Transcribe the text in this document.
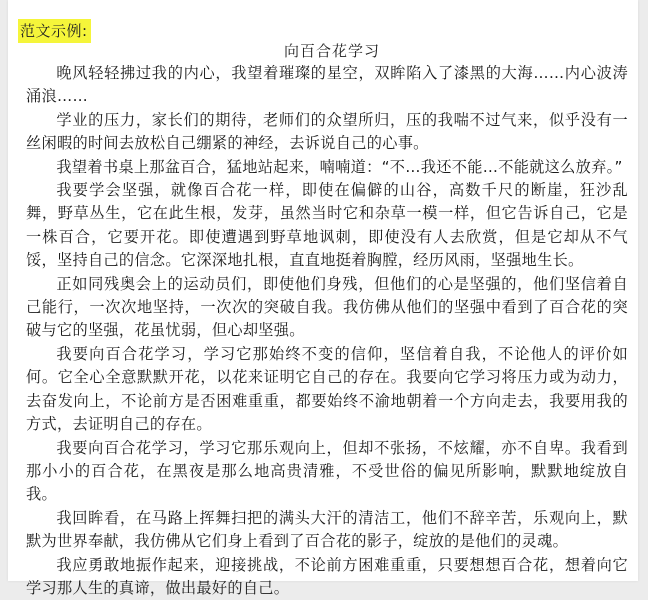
范文示例:
向百合花学习

晚风轻轻拂过我的内心，我望着璀璨的星空，双眸陷入了漆黑的大海……内心波涛涌浪……

学业的压力，家长们的期待，老师们的众望所归，压的我喘不过气来，似乎没有一丝闲暇的时间去放松自己绷紧的神经，去诉说自己的心事。

我望着书桌上那盆百合，猛地站起来，喃喃道：“不…我还不能…不能就这么放弃。”

我要学会坚强，就像百合花一样，即使在偏僻的山谷，高数千尺的断崖，狂沙乱舞，野草丛生，它在此生根，发芽，虽然当时它和杂草一模一样，但它告诉自己，它是一株百合，它要开花。即使遭遇到野草地讽刺，即使没有人去欣赏，但是它却从不气馁，坚持自己的信念。它深深地扎根，直直地挺着胸膛，经历风雨，坚强地生长。

正如同残奥会上的运动员们，即使他们身残，但他们的心是坚强的，他们坚信着自己能行，一次次地坚持，一次次的突破自我。我仿佛从他们的坚强中看到了百合花的突破与它的坚强，花虽忧弱，但心却坚强。

我要向百合花学习，学习它那始终不变的信仰，坚信着自我，不论他人的评价如何。它全心全意默默开花，以花来证明它自己的存在。我要向它学习将压力或为动力，去奋发向上，不论前方是否困难重重，都要始终不渝地朝着一个方向走去，我要用我的方式，去证明自己的存在。

我要向百合花学习，学习它那乐观向上，但却不张扬，不炫耀，亦不自卑。我看到那小小的百合花，在黑夜是那么地高贵清雅，不受世俗的偏见所影响，默默地绽放自我。

我回眸看，在马路上挥舞扫把的满头大汗的清洁工，他们不辞辛苦，乐观向上，默默为世界奉献，我仿佛从它们身上看到了百合花的影子，绽放的是他们的灵魂。

我应勇敢地振作起来，迎接挑战，不论前方困难重重，只要想想百合花，想着向它学习那人生的真谛，做出最好的自己。
